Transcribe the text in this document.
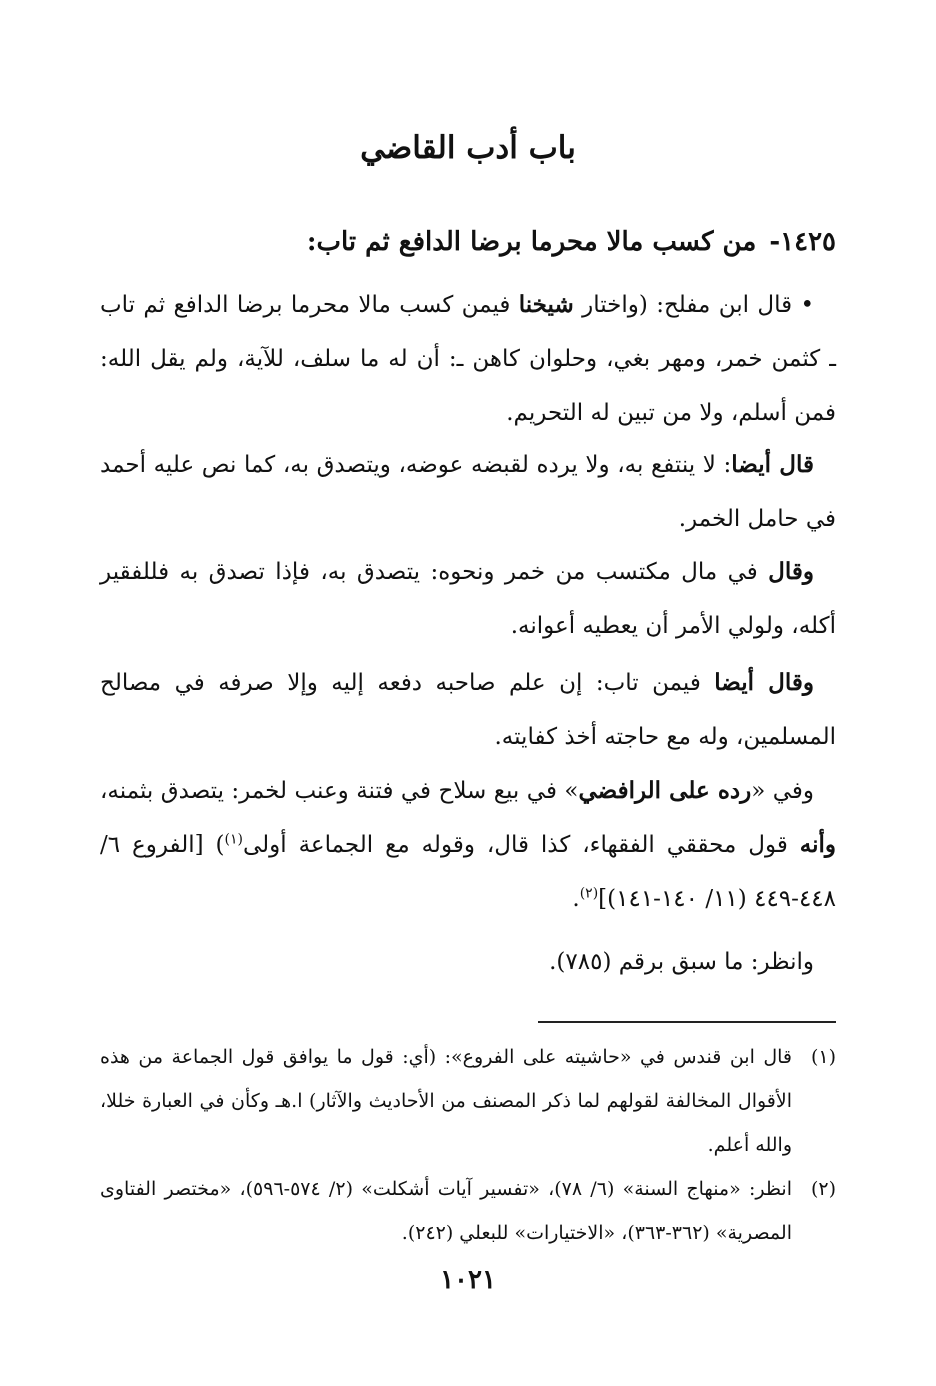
باب أدب القاضي
١٤٢٥- من كسب مالا محرما برضا الدافع ثم تاب:

• قال ابن مفلح: (واختار شيخنا فيمن كسب مالا محرما برضا الدافع ثم تاب ـ كثمن خمر، ومهر بغي، وحلوان كاهن ـ: أن له ما سلف، للآية، ولم يقل الله: فمن أسلم، ولا من تبين له التحريم.

قال أيضا: لا ينتفع به، ولا يرده لقبضه عوضه، ويتصدق به، كما نص عليه أحمد في حامل الخمر.

وقال في مال مكتسب من خمر ونحوه: يتصدق به، فإذا تصدق به فللفقير أكله، ولولي الأمر أن يعطيه أعوانه.

وقال أيضا فيمن تاب: إن علم صاحبه دفعه إليه وإلا صرفه في مصالح المسلمين، وله مع حاجته أخذ كفايته.

وفي «رده على الرافضي» في بيع سلاح في فتنة وعنب لخمر: يتصدق بثمنه، وأنه قول محققي الفقهاء، كذا قال، وقوله مع الجماعة أولى$^{(١)}$) [الفروع ٦/ ٤٤٨-٤٤٩ (١١/ ١٤٠-١٤١)]$^{(٢)}$.

وانظر: ما سبق برقم (٧٨٥).

(١)
قال ابن قندس في «حاشيته على الفروع»: (أي: قول ما يوافق قول الجماعة من هذه الأقوال المخالفة لقولهم لما ذكر المصنف من الأحاديث والآثار) ا.هـ وكأن في العبارة خللا، والله أعلم.
(٢)
انظر: «منهاج السنة» (٦/ ٧٨)، «تفسير آيات أشكلت» (٢/ ٥٧٤-٥٩٦)، «مختصر الفتاوى المصرية» (٣٦٢-٣٦٣)، «الاختيارات» للبعلي (٢٤٢).
١٠٢١
